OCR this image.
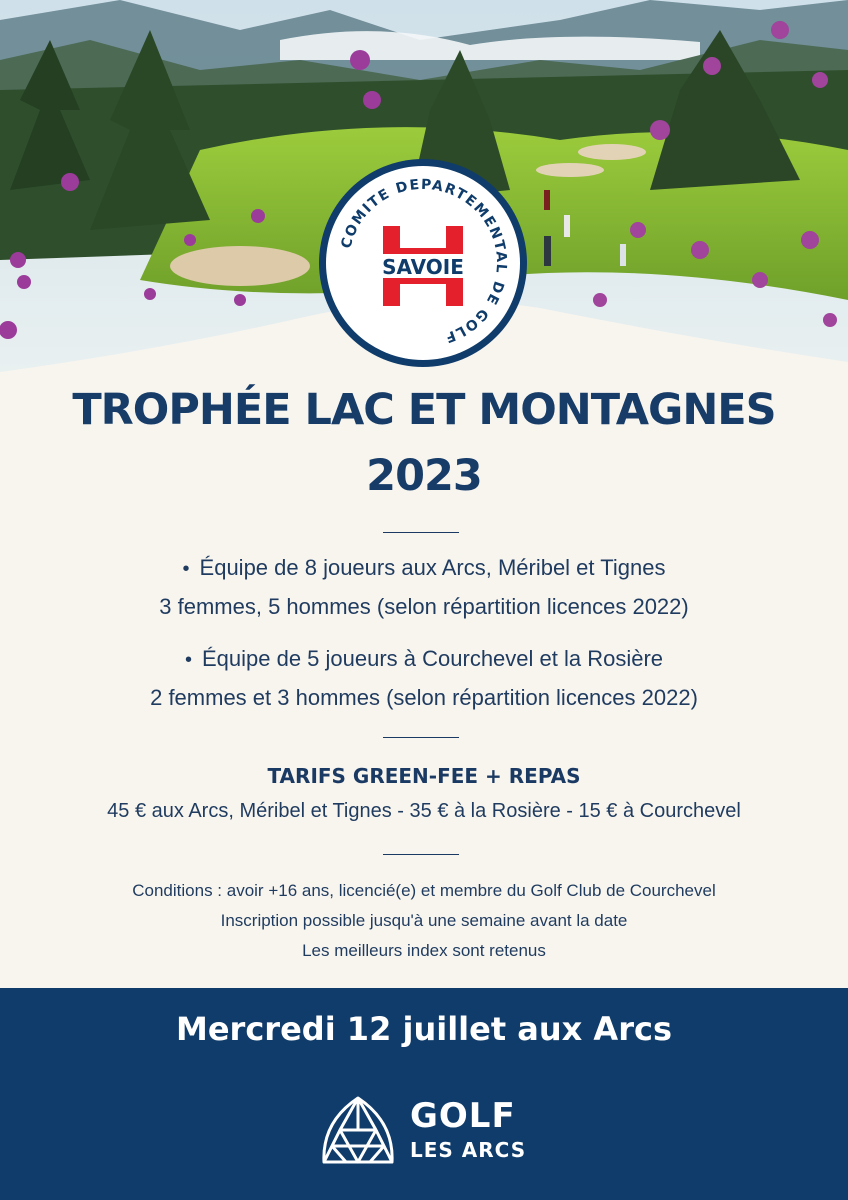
COMITE DEPARTEMENTAL DE GOLF
SAVOIE
TROPHÉE LAC ET MONTAGNES
2023
• Équipe de 8 joueurs aux Arcs, Méribel et Tignes
3 femmes, 5 hommes (selon répartition licences 2022)
• Équipe de 5 joueurs à Courchevel et la Rosière
2 femmes et 3 hommes (selon répartition licences 2022)
TARIFS GREEN-FEE + REPAS
45 € aux Arcs, Méribel et Tignes - 35 € à la Rosière - 15 € à Courchevel
Conditions : avoir +16 ans, licencié(e) et membre du Golf Club de Courchevel
Inscription possible jusqu'à une semaine avant la date
Les meilleurs index sont retenus
Mercredi 12 juillet aux Arcs
GOLF
LES ARCS
